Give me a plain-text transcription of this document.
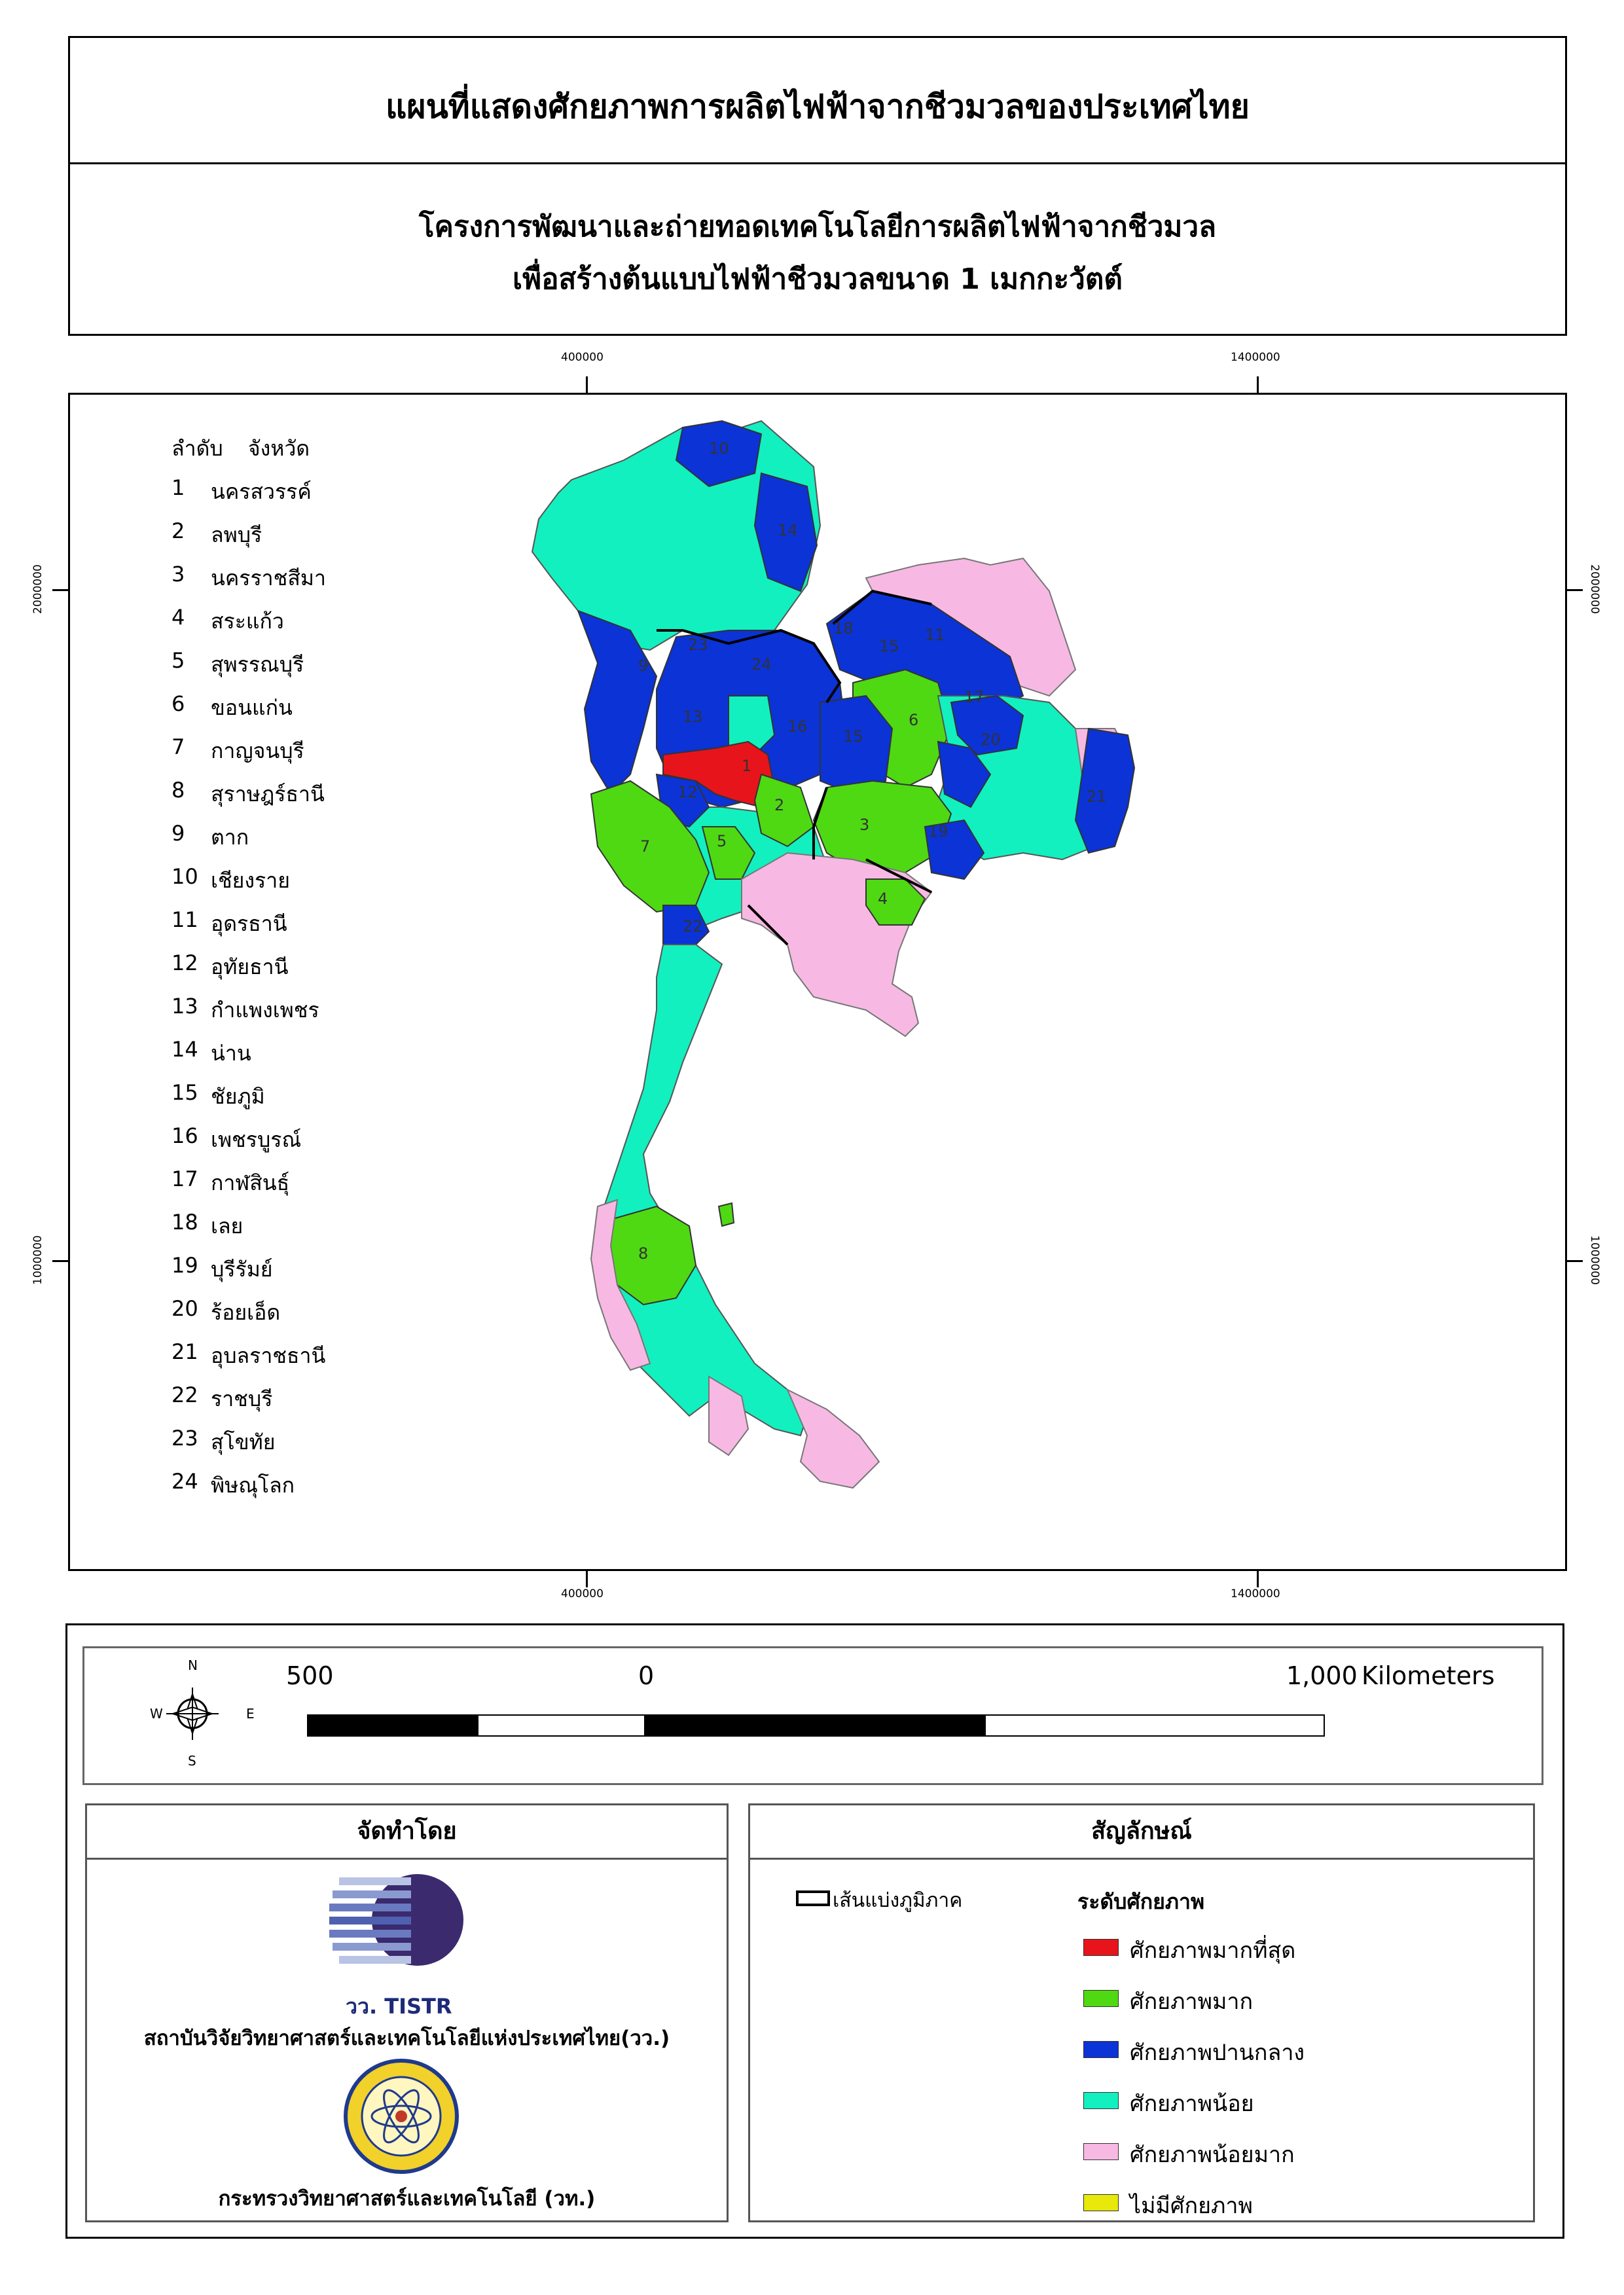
แผนที่แสดงศักยภาพการผลิตไฟฟ้าจากชีวมวลของประเทศไทย
โครงการพัฒนาและถ่ายทอดเทคโนโลยีการผลิตไฟฟ้าจากชีวมวล
เพื่อสร้างต้นแบบไฟฟ้าชีวมวลขนาด 1 เมกกะวัตต์
400000	1400000
400000	1400000
2000000
1000000
2000000
1000000
1
2
3
4
5
6
7
8
9
10
11
12
13
14
15
15
16
17
18
19
20
21
22
23
24
ลำดับ จังหวัด
1	นครสวรรค์
2	ลพบุรี
3	นครราชสีมา
4	สระแก้ว
5	สุพรรณบุรี
6	ขอนแก่น
7	กาญจนบุรี
8	สุราษฎร์ธานี
9	ตาก
10 เชียงราย
11 อุดรธานี
12 อุทัยธานี
13 กำแพงเพชร
14 น่าน
15 ชัยภูมิ
16 เพชรบูรณ์
17 กาฬสินธุ์
18 เลย
19 บุรีรัมย์
20 ร้อยเอ็ด
21 อุบลราชธานี
22 ราชบุรี
23 สุโขทัย
24 พิษณุโลก
N
S
W	E
500	0	1,000 Kilometers
จัดทำโดย
วว. TISTR
สถาบันวิจัยวิทยาศาสตร์และเทคโนโลยีแห่งประเทศไทย(วว.)
กระทรวงวิทยาศาสตร์และเทคโนโลยี (วท.)
สัญลักษณ์
เส้นแบ่งภูมิภาค	ระดับศักยภาพ
ศักยภาพมากที่สุด
ศักยภาพมาก
ศักยภาพปานกลาง
ศักยภาพน้อย
ศักยภาพน้อยมาก
ไม่มีศักยภาพ
